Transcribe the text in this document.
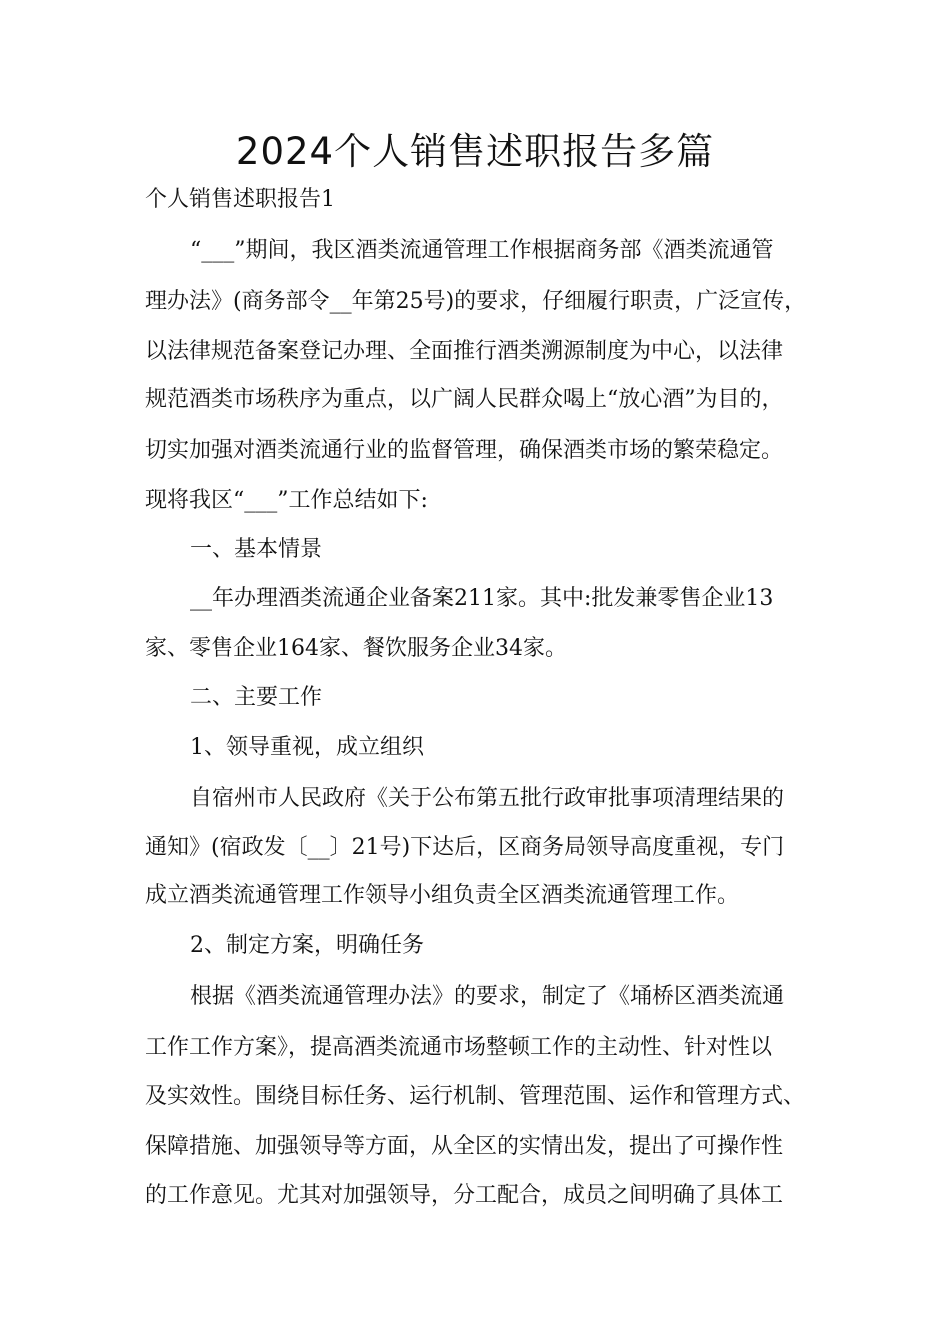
2024个人销售述职报告多篇

个人销售述职报告1

“___”期间，我区酒类流通管理工作根据商务部《酒类流通管

理办法》(商务部令__年第25号)的要求，仔细履行职责，广泛宣传，

以法律规范备案登记办理、全面推行酒类溯源制度为中心，以法律

规范酒类市场秩序为重点，以广阔人民群众喝上“放心酒”为目的，

切实加强对酒类流通行业的监督管理，确保酒类市场的繁荣稳定。

现将我区“___”工作总结如下:

一、基本情景

__年办理酒类流通企业备案211家。其中:批发兼零售企业13

家、零售企业164家、餐饮服务企业34家。

二、主要工作

1、领导重视，成立组织

自宿州市人民政府《关于公布第五批行政审批事项清理结果的

通知》(宿政发〔__〕21号)下达后，区商务局领导高度重视，专门

成立酒类流通管理工作领导小组负责全区酒类流通管理工作。

2、制定方案，明确任务

根据《酒类流通管理办法》的要求，制定了《埇桥区酒类流通

工作工作方案》，提高酒类流通市场整顿工作的主动性、针对性以

及实效性。围绕目标任务、运行机制、管理范围、运作和管理方式、

保障措施、加强领导等方面，从全区的实情出发，提出了可操作性

的工作意见。尤其对加强领导，分工配合，成员之间明确了具体工
